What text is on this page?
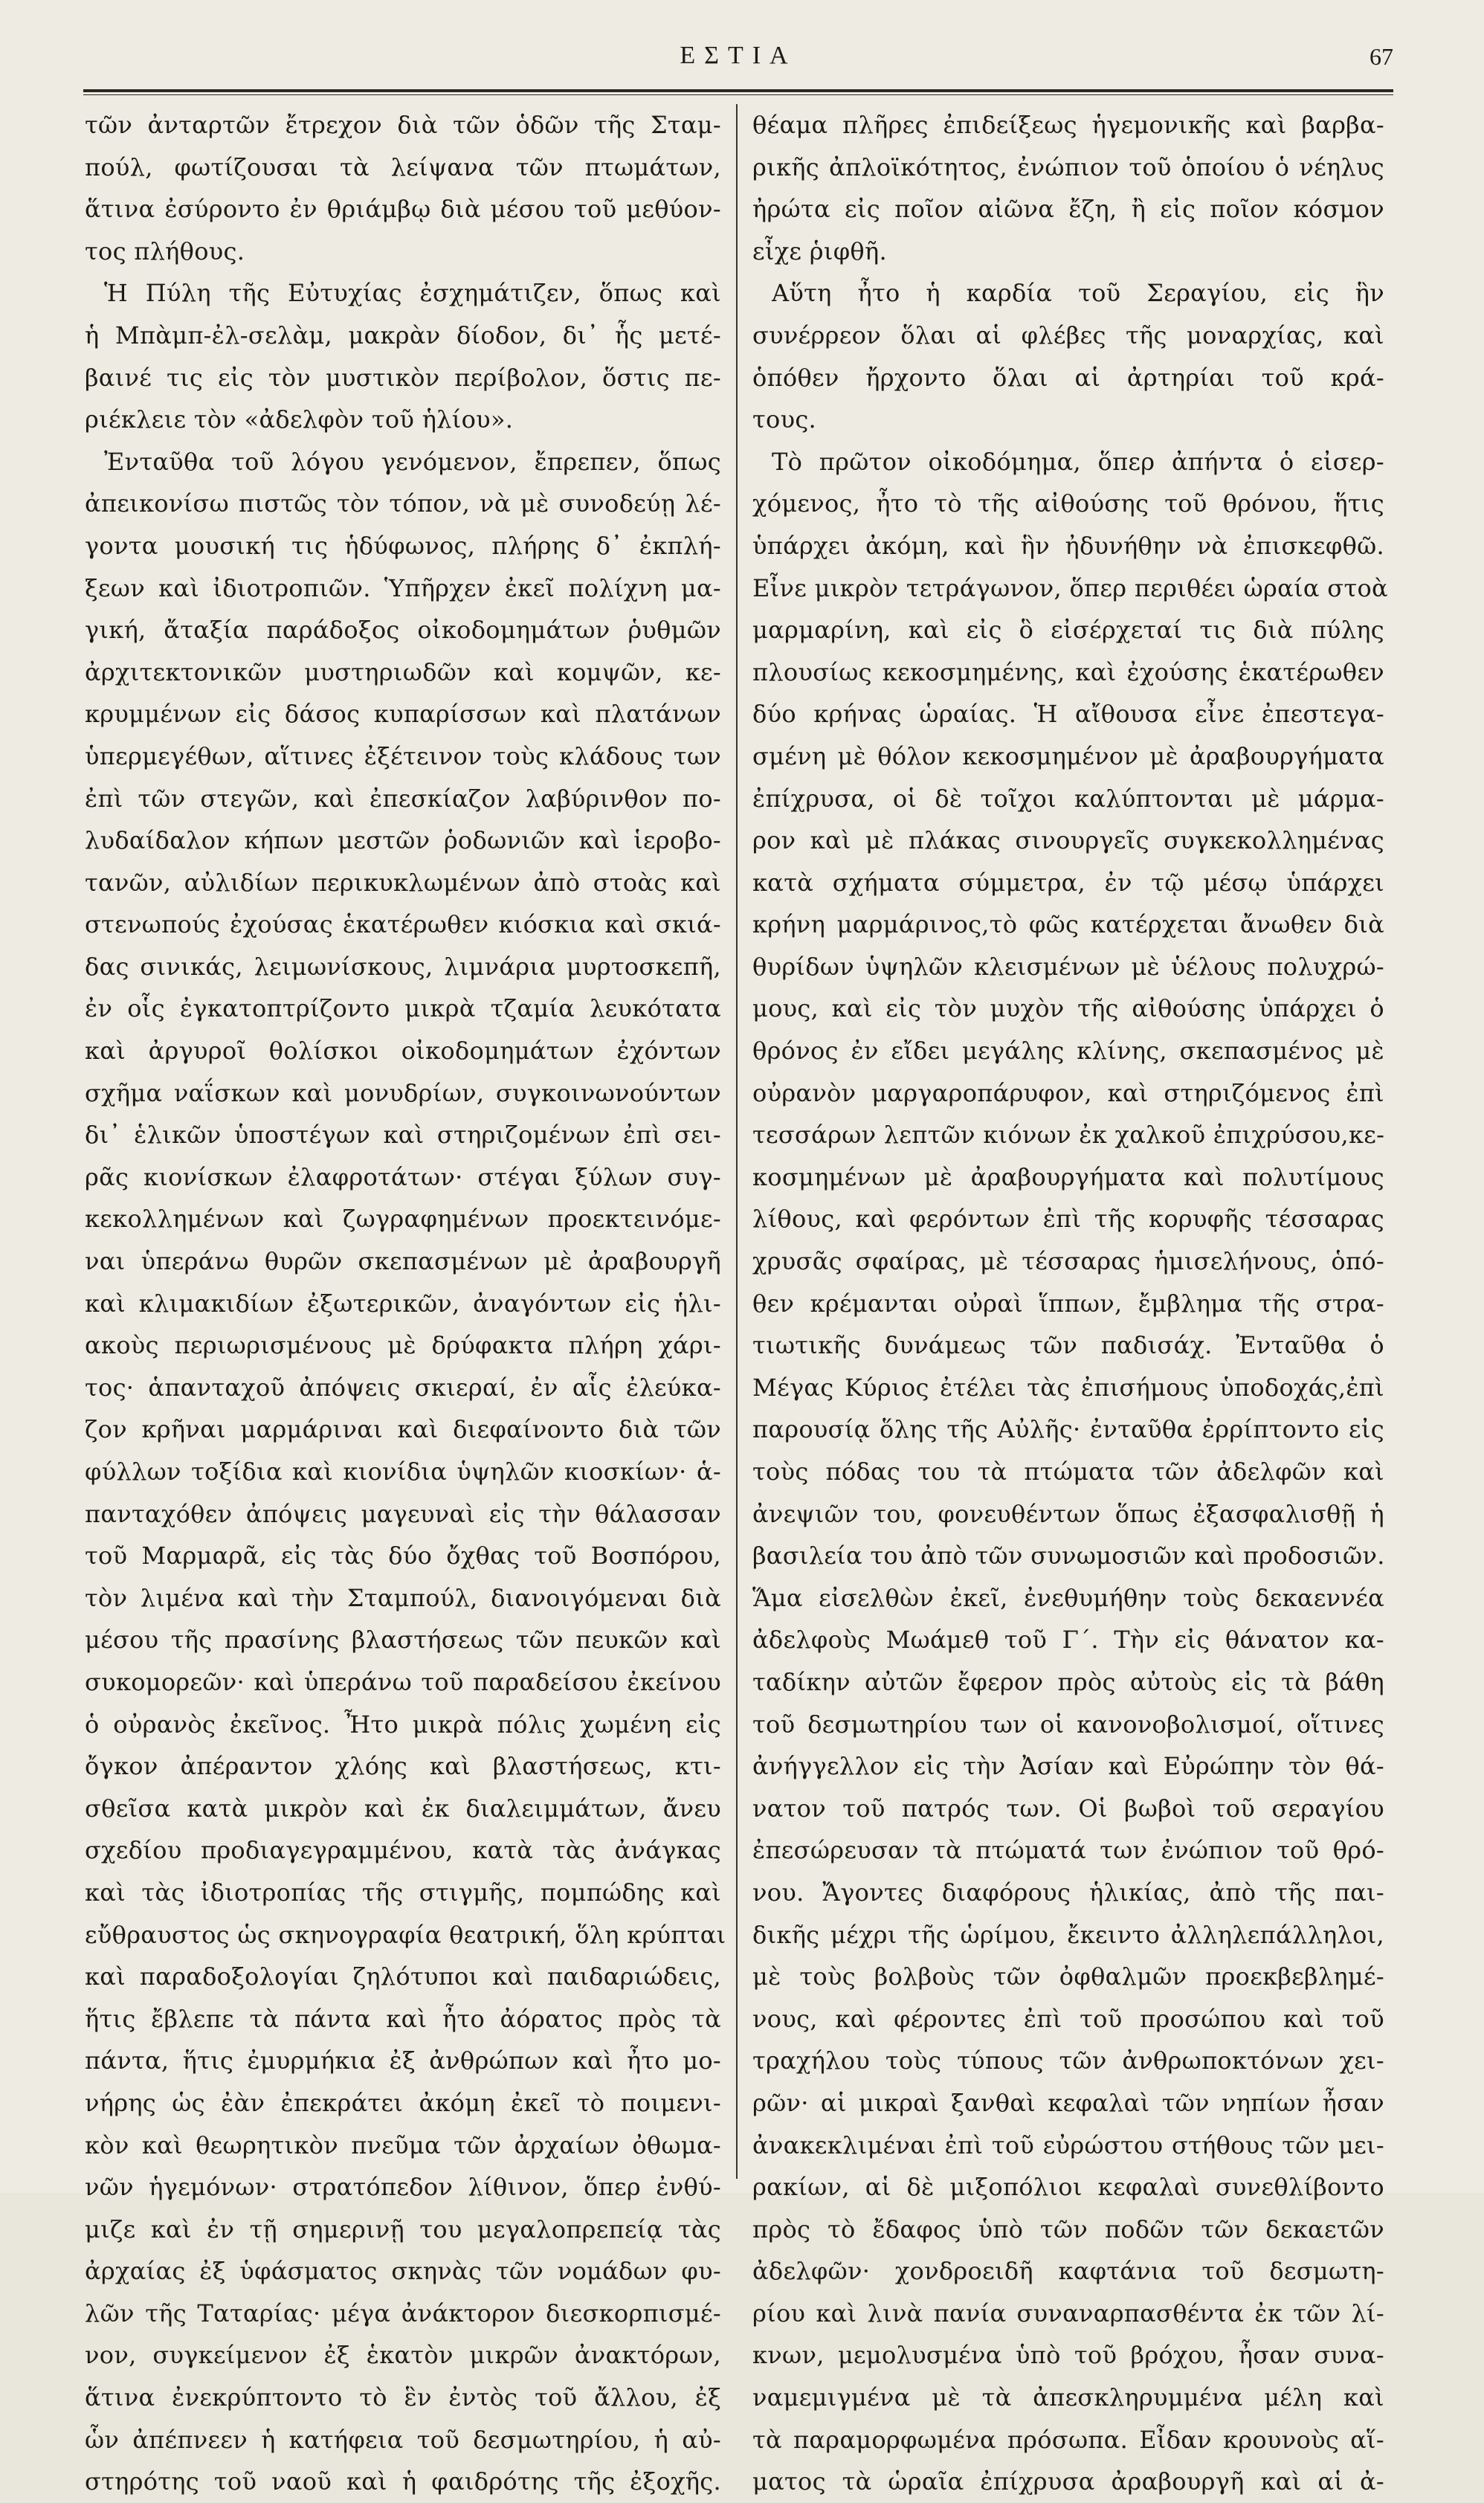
ΕΣΤΙΑ	67
τῶν ἀνταρτῶν ἔτρεχον διὰ τῶν ὁδῶν τῆς Σταμ-
πούλ, φωτίζουσαι τὰ λείψανα τῶν πτωμάτων,
ἅτινα ἐσύροντο ἐν θριάμβῳ διὰ μέσου τοῦ μεθύον-
τος πλήθους.
Ἡ Πύλη τῆς Εὐτυχίας ἐσχημάτιζεν, ὅπως καὶ
ἡ Μπὰμπ-ἐλ-σελὰμ, μακρὰν δίοδον, δι᾽ ἧς μετέ-
βαινέ τις εἰς τὸν μυστικὸν περίβολον, ὅστις πε-
ριέκλειε τὸν «ἀδελφὸν τοῦ ἡλίου».
Ἐνταῦθα τοῦ λόγου γενόμενον, ἔπρεπεν, ὅπως
ἀπεικονίσω πιστῶς τὸν τόπον, νὰ μὲ συνοδεύῃ λέ-
γοντα μουσική τις ἡδύφωνος, πλήρης δ᾽ ἐκπλή-
ξεων καὶ ἰδιοτροπιῶν. Ὑπῆρχεν ἐκεῖ πολίχνη μα-
γική, ἄταξία παράδοξος οἰκοδομημάτων ῥυθμῶν
ἀρχιτεκτονικῶν μυστηριωδῶν καὶ κομψῶν, κε-
κρυμμένων εἰς δάσος κυπαρίσσων καὶ πλατάνων
ὑπερμεγέθων, αἵτινες ἐξέτεινον τοὺς κλάδους των
ἐπὶ τῶν στεγῶν, καὶ ἐπεσκίαζον λαβύρινθον πο-
λυδαίδαλον κήπων μεστῶν ῥοδωνιῶν καὶ ἱεροβο-
τανῶν, αὐλιδίων περικυκλωμένων ἀπὸ στοὰς καὶ
στενωπούς ἐχούσας ἑκατέρωθεν κιόσκια καὶ σκιά-
δας σινικάς, λειμωνίσκους, λιμνάρια μυρτοσκεπῆ,
ἐν οἷς ἐγκατοπτρίζοντο μικρὰ τζαμία λευκότατα
καὶ ἀργυροῖ θολίσκοι οἰκοδομημάτων ἐχόντων
σχῆμα ναΐσκων καὶ μονυδρίων, συγκοινωνούντων
δι᾽ ἑλικῶν ὑποστέγων καὶ στηριζομένων ἐπὶ σει-
ρᾶς κιονίσκων ἐλαφροτάτων· στέγαι ξύλων συγ-
κεκολλημένων καὶ ζωγραφημένων προεκτεινόμε-
ναι ὑπεράνω θυρῶν σκεπασμένων μὲ ἀραβουργῆ
καὶ κλιμακιδίων ἐξωτερικῶν, ἀναγόντων εἰς ἡλι-
ακοὺς περιωρισμένους μὲ δρύφακτα πλήρη χάρι-
τος· ἁπανταχοῦ ἀπόψεις σκιεραί, ἐν αἷς ἐλεύκα-
ζον κρῆναι μαρμάριναι καὶ διεφαίνοντο διὰ τῶν
φύλλων τοξίδια καὶ κιονίδια ὑψηλῶν κιοσκίων· ἁ-
πανταχόθεν ἀπόψεις μαγευναὶ εἰς τὴν θάλασσαν
τοῦ Μαρμαρᾶ, εἰς τὰς δύο ὄχθας τοῦ Βοσπόρου,
τὸν λιμένα καὶ τὴν Σταμπούλ, διανοιγόμεναι διὰ
μέσου τῆς πρασίνης βλαστήσεως τῶν πευκῶν καὶ
συκομορεῶν· καὶ ὑπεράνω τοῦ παραδείσου ἐκείνου
ὁ οὐρανὸς ἐκεῖνος. Ἦτο μικρὰ πόλις χωμένη εἰς
ὄγκον ἀπέραντον χλόης καὶ βλαστήσεως, κτι-
σθεῖσα κατὰ μικρὸν καὶ ἐκ διαλειμμάτων, ἄνευ
σχεδίου προδιαγεγραμμένου, κατὰ τὰς ἀνάγκας
καὶ τὰς ἰδιοτροπίας τῆς στιγμῆς, πομπώδης καὶ
εὔθραυστος ὡς σκηνογραφία θεατρική, ὅλη κρύπται
καὶ παραδοξολογίαι ζηλότυποι καὶ παιδαριώδεις,
ἥτις ἔβλεπε τὰ πάντα καὶ ἦτο ἀόρατος πρὸς τὰ
πάντα, ἥτις ἐμυρμήκια ἐξ ἀνθρώπων καὶ ἦτο μο-
νήρης ὡς ἐὰν ἐπεκράτει ἀκόμη ἐκεῖ τὸ ποιμενι-
κὸν καὶ θεωρητικὸν πνεῦμα τῶν ἀρχαίων ὀθωμα-
νῶν ἡγεμόνων· στρατόπεδον λίθινον, ὅπερ ἐνθύ-
μιζε καὶ ἐν τῇ σημερινῇ του μεγαλοπρεπείᾳ τὰς
ἀρχαίας ἐξ ὑφάσματος σκηνὰς τῶν νομάδων φυ-
λῶν τῆς Ταταρίας· μέγα ἀνάκτορον διεσκορπισμέ-
νον, συγκείμενον ἐξ ἑκατὸν μικρῶν ἀνακτόρων,
ἅτινα ἐνεκρύπτοντο τὸ ἓν ἐντὸς τοῦ ἄλλου, ἐξ
ὧν ἀπέπνεεν ἡ κατήφεια τοῦ δεσμωτηρίου, ἡ αὐ-
στηρότης τοῦ ναοῦ καὶ ἡ φαιδρότης τῆς ἐξοχῆς.
θέαμα πλῆρες ἐπιδείξεως ἡγεμονικῆς καὶ βαρβα-
ρικῆς ἀπλοϊκότητος, ἐνώπιον τοῦ ὁποίου ὁ νέηλυς
ἠρώτα εἰς ποῖον αἰῶνα ἔζη, ἢ εἰς ποῖον κόσμον
εἶχε ῥιφθῆ.
Αὕτη ἦτο ἡ καρδία τοῦ Σεραγίου, εἰς ἣν
συνέρρεον ὅλαι αἱ φλέβες τῆς μοναρχίας, καὶ
ὁπόθεν ἤρχοντο ὅλαι αἱ ἀρτηρίαι τοῦ κρά-
τους.
Τὸ πρῶτον οἰκοδόμημα, ὅπερ ἀπήντα ὁ εἰσερ-
χόμενος, ἦτο τὸ τῆς αἰθούσης τοῦ θρόνου, ἥτις
ὑπάρχει ἀκόμη, καὶ ἣν ἠδυνήθην νὰ ἐπισκεφθῶ.
Εἶνε μικρὸν τετράγωνον, ὅπερ περιθέει ὡραία στοὰ
μαρμαρίνη, καὶ εἰς ὃ εἰσέρχεταί τις διὰ πύλης
πλουσίως κεκοσμημένης, καὶ ἐχούσης ἑκατέρωθεν
δύο κρήνας ὡραίας. Ἡ αἴθουσα εἶνε ἐπεστεγα-
σμένη μὲ θόλον κεκοσμημένον μὲ ἀραβουργήματα
ἐπίχρυσα, οἱ δὲ τοῖχοι καλύπτονται μὲ μάρμα-
ρον καὶ μὲ πλάκας σινουργεῖς συγκεκολλημένας
κατὰ σχήματα σύμμετρα, ἐν τῷ μέσῳ ὑπάρχει
κρήνη μαρμάρινος,τὸ φῶς κατέρχεται ἄνωθεν διὰ
θυρίδων ὑψηλῶν κλεισμένων μὲ ὑέλους πολυχρώ-
μους, καὶ εἰς τὸν μυχὸν τῆς αἰθούσης ὑπάρχει ὁ
θρόνος ἐν εἴδει μεγάλης κλίνης, σκεπασμένος μὲ
οὐρανὸν μαργαροπάρυφον, καὶ στηριζόμενος ἐπὶ
τεσσάρων λεπτῶν κιόνων ἐκ χαλκοῦ ἐπιχρύσου,κε-
κοσμημένων μὲ ἀραβουργήματα καὶ πολυτίμους
λίθους, καὶ φερόντων ἐπὶ τῆς κορυφῆς τέσσαρας
χρυσᾶς σφαίρας, μὲ τέσσαρας ἡμισελήνους, ὁπό-
θεν κρέμανται οὐραὶ ἵππων, ἔμβλημα τῆς στρα-
τιωτικῆς δυνάμεως τῶν παδισάχ. Ἐνταῦθα ὁ
Μέγας Κύριος ἐτέλει τὰς ἐπισήμους ὑποδοχάς,ἐπὶ
παρουσίᾳ ὅλης τῆς Αὐλῆς· ἐνταῦθα ἐρρίπτοντο εἰς
τοὺς πόδας του τὰ πτώματα τῶν ἀδελφῶν καὶ
ἀνεψιῶν του, φονευθέντων ὅπως ἐξασφαλισθῇ ἡ
βασιλεία του ἀπὸ τῶν συνωμοσιῶν καὶ προδοσιῶν.
Ἅμα εἰσελθὼν ἐκεῖ, ἐνεθυμήθην τοὺς δεκαεννέα
ἀδελφοὺς Μωάμεθ τοῦ Γ´. Τὴν εἰς θάνατον κα-
ταδίκην αὐτῶν ἔφερον πρὸς αὐτοὺς εἰς τὰ βάθη
τοῦ δεσμωτηρίου των οἱ κανονοβολισμοί, οἵτινες
ἀνήγγελλον εἰς τὴν Ἀσίαν καὶ Εὐρώπην τὸν θά-
νατον τοῦ πατρός των. Οἱ βωβοὶ τοῦ σεραγίου
ἐπεσώρευσαν τὰ πτώματά των ἐνώπιον τοῦ θρό-
νου. Ἄγοντες διαφόρους ἡλικίας, ἀπὸ τῆς παι-
δικῆς μέχρι τῆς ὡρίμου, ἔκειντο ἀλληλεπάλληλοι,
μὲ τοὺς βολβοὺς τῶν ὀφθαλμῶν προεκβεβλημέ-
νους, καὶ φέροντες ἐπὶ τοῦ προσώπου καὶ τοῦ
τραχήλου τοὺς τύπους τῶν ἀνθρωποκτόνων χει-
ρῶν· αἱ μικραὶ ξανθαὶ κεφαλαὶ τῶν νηπίων ἦσαν
ἀνακεκλιμέναι ἐπὶ τοῦ εὐρώστου στήθους τῶν μει-
ρακίων, αἱ δὲ μιξοπόλιοι κεφαλαὶ συνεθλίβοντο
πρὸς τὸ ἔδαφος ὑπὸ τῶν ποδῶν τῶν δεκαετῶν
ἀδελφῶν· χονδροειδῆ καφτάνια τοῦ δεσμωτη-
ρίου καὶ λινὰ πανία συναναρπασθέντα ἐκ τῶν λί-
κνων, μεμολυσμένα ὑπὸ τοῦ βρόχου, ἦσαν συνα-
ναμεμιγμένα μὲ τὰ ἀπεσκληρυμμένα μέλη καὶ
τὰ παραμορφωμένα πρόσωπα. Εἶδαν κρουνοὺς αἵ-
ματος τὰ ὡραῖα ἐπίχρυσα ἀραβουργῆ καὶ αἱ ἀ-
